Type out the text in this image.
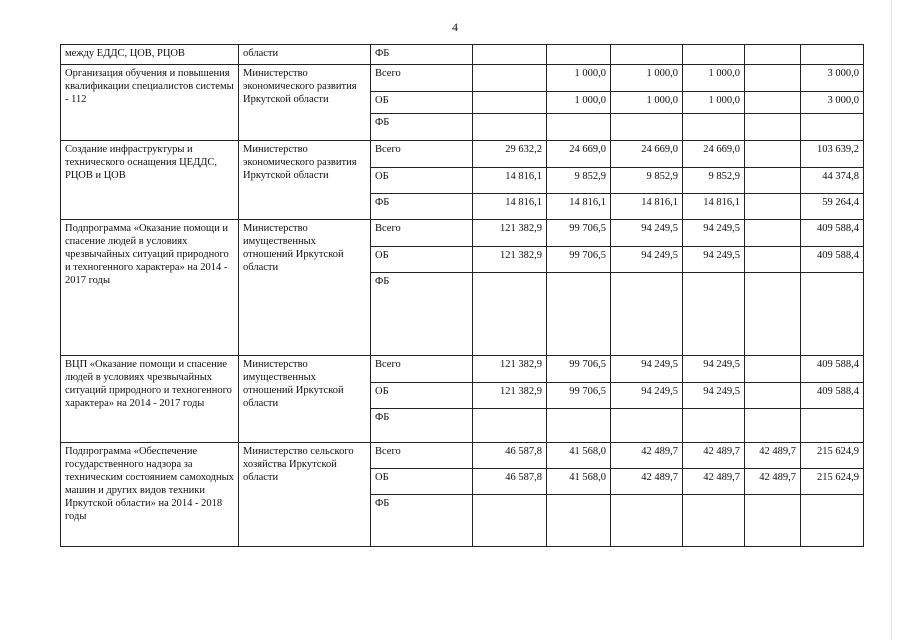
4
между ЕДДС, ЦОВ, РЦОВ	области	ФБ						
Организация обучения и повышения квалификации специалистов системы - 112	Министерство экономического развития Иркутской области	Всего		1 000,0	1 000,0	1 000,0		3 000,0
		ОБ		1 000,0	1 000,0	1 000,0		3 000,0
		ФБ						
Создание инфраструктуры и технического оснащения ЦЕДДС, РЦОВ и ЦОВ	Министерство экономического развития Иркутской области	Всего	29 632,2	24 669,0	24 669,0	24 669,0		103 639,2
		ОБ	14 816,1	9 852,9	9 852,9	9 852,9		44 374,8
		ФБ	14 816,1	14 816,1	14 816,1	14 816,1		59 264,4
Подпрограмма «Оказание помощи и спасение людей в условиях чрезвычайных ситуаций природного и техногенного характера» на 2014 - 2017 годы	Министерство имущественных отношений Иркутской области	Всего	121 382,9	99 706,5	94 249,5	94 249,5		409 588,4
		ОБ	121 382,9	99 706,5	94 249,5	94 249,5		409 588,4
		ФБ						
ВЦП «Оказание помощи и спасение людей в условиях чрезвычайных ситуаций природного и техногенного характера» на 2014 - 2017 годы	Министерство имущественных отношений Иркутской области	Всего	121 382,9	99 706,5	94 249,5	94 249,5		409 588,4
		ОБ	121 382,9	99 706,5	94 249,5	94 249,5		409 588,4
		ФБ						
Подпрограмма «Обеспечение государственного надзора за техническим состоянием самоходных машин и других видов техники Иркутской области» на 2014 - 2018 годы	Министерство сельского хозяйства Иркутской области	Всего	46 587,8	41 568,0	42 489,7	42 489,7	42 489,7	215 624,9
		ОБ	46 587,8	41 568,0	42 489,7	42 489,7	42 489,7	215 624,9
		ФБ						
